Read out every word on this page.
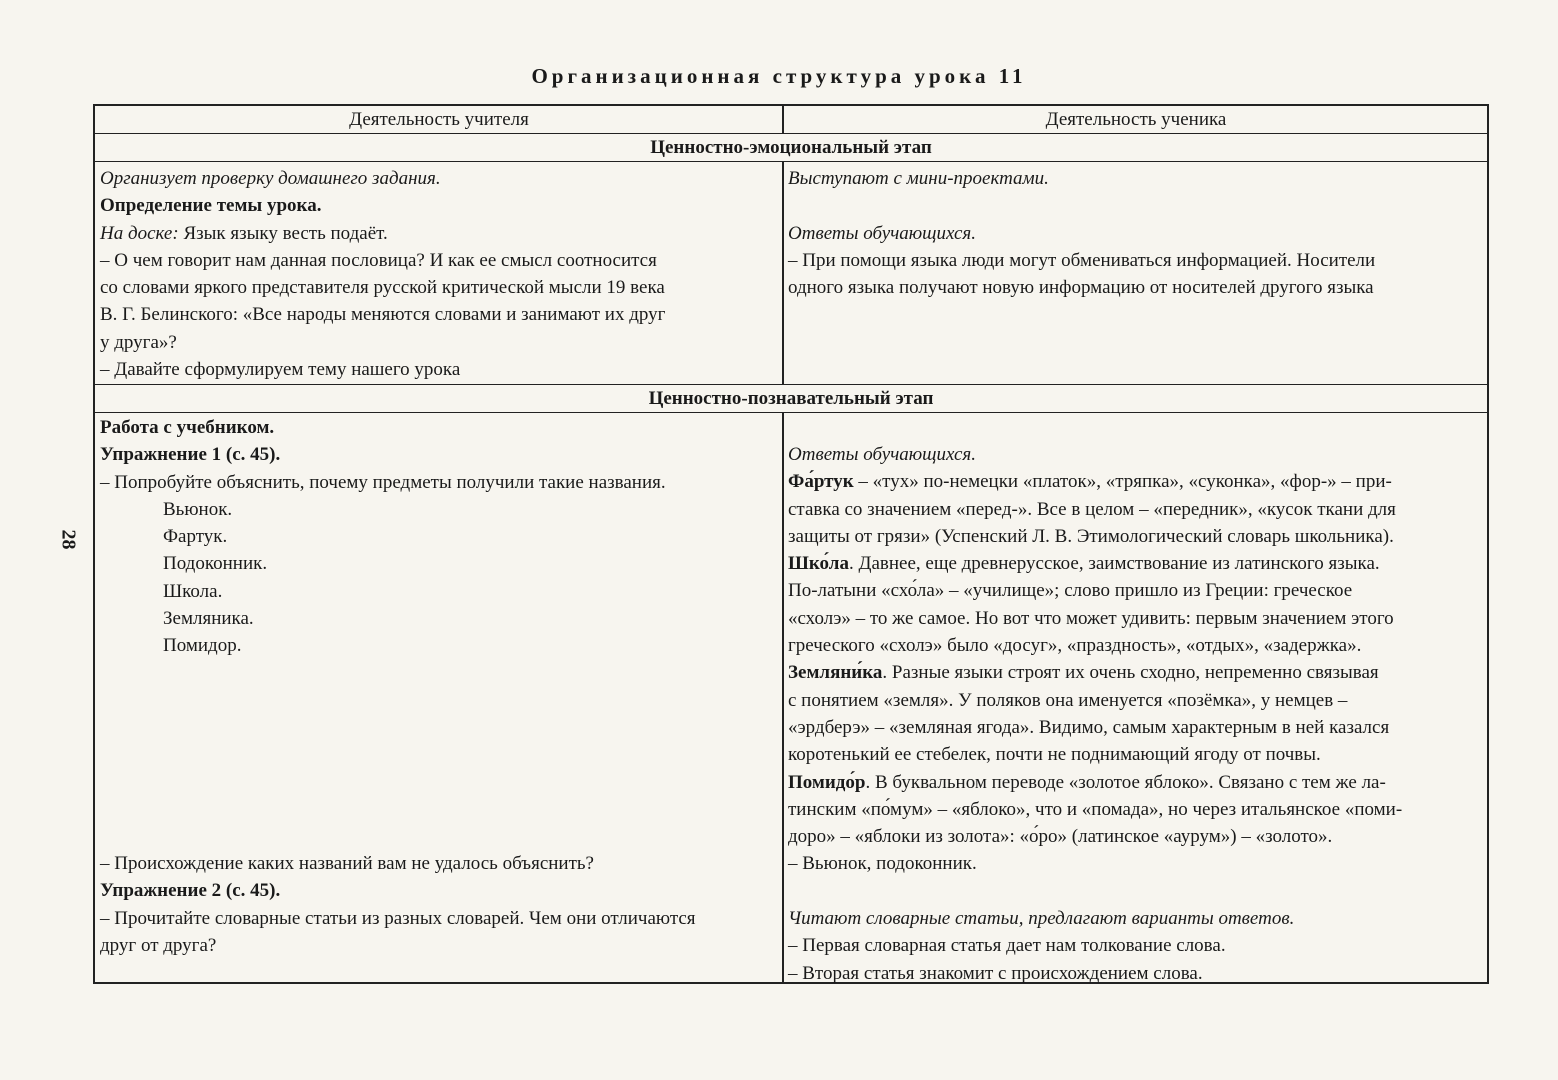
Организационная структура урока 11
28
Деятельность учителя	Деятельность ученика
Ценностно-эмоциональный этап
Организует проверку домашнего задания.
Определение темы урока.
На доске: Язык языку весть подаёт.
– О чем говорит нам данная пословица? И как ее смысл соотносится
со словами яркого представителя русской критической мысли 19 века
В. Г. Белинского: «Все народы меняются словами и занимают их друг
у друга»?
– Давайте сформулируем тему нашего урока
Выступают с мини-проектами.
Ответы обучающихся.
– При помощи языка люди могут обмениваться информацией. Носители
одного языка получают новую информацию от носителей другого языка
Ценностно-познавательный этап
Работа с учебником.
Упражнение 1 (с. 45).
– Попробуйте объяснить, почему предметы получили такие названия.
Вьюнок.
Фартук.
Подоконник.
Школа.
Земляника.
Помидор.
– Происхождение каких названий вам не удалось объяснить?
Упражнение 2 (с. 45).
– Прочитайте словарные статьи из разных словарей. Чем они отличаются
друг от друга?
Ответы обучающихся.
Фа́ртук – «тух» по-немецки «платок», «тряпка», «суконка», «фор-» – при-
ставка со значением «перед-». Все в целом – «передник», «кусок ткани для
защиты от грязи» (Успенский Л. В. Этимологический словарь школьника).
Шко́ла. Давнее, еще древнерусское, заимствование из латинского языка.
По-латыни «схо́ла» – «училище»; слово пришло из Греции: греческое
«схолэ» – то же самое. Но вот что может удивить: первым значением этого
греческого «схолэ» было «досуг», «праздность», «отдых», «задержка».
Земляни́ка. Разные языки строят их очень сходно, непременно связывая
с понятием «земля». У поляков она именуется «позёмка», у немцев –
«эрдберэ» – «земляная ягода». Видимо, самым характерным в ней казался
коротенький ее стебелек, почти не поднимающий ягоду от почвы.
Помидо́р. В буквальном переводе «золотое яблоко». Связано с тем же ла-
тинским «по́мум» – «яблоко», что и «помада», но через итальянское «поми-
доро» – «яблоки из золота»: «о́ро» (латинское «аурум») – «золото».
– Вьюнок, подоконник.
Читают словарные статьи, предлагают варианты ответов.
– Первая словарная статья дает нам толкование слова.
– Вторая статья знакомит с происхождением слова.
